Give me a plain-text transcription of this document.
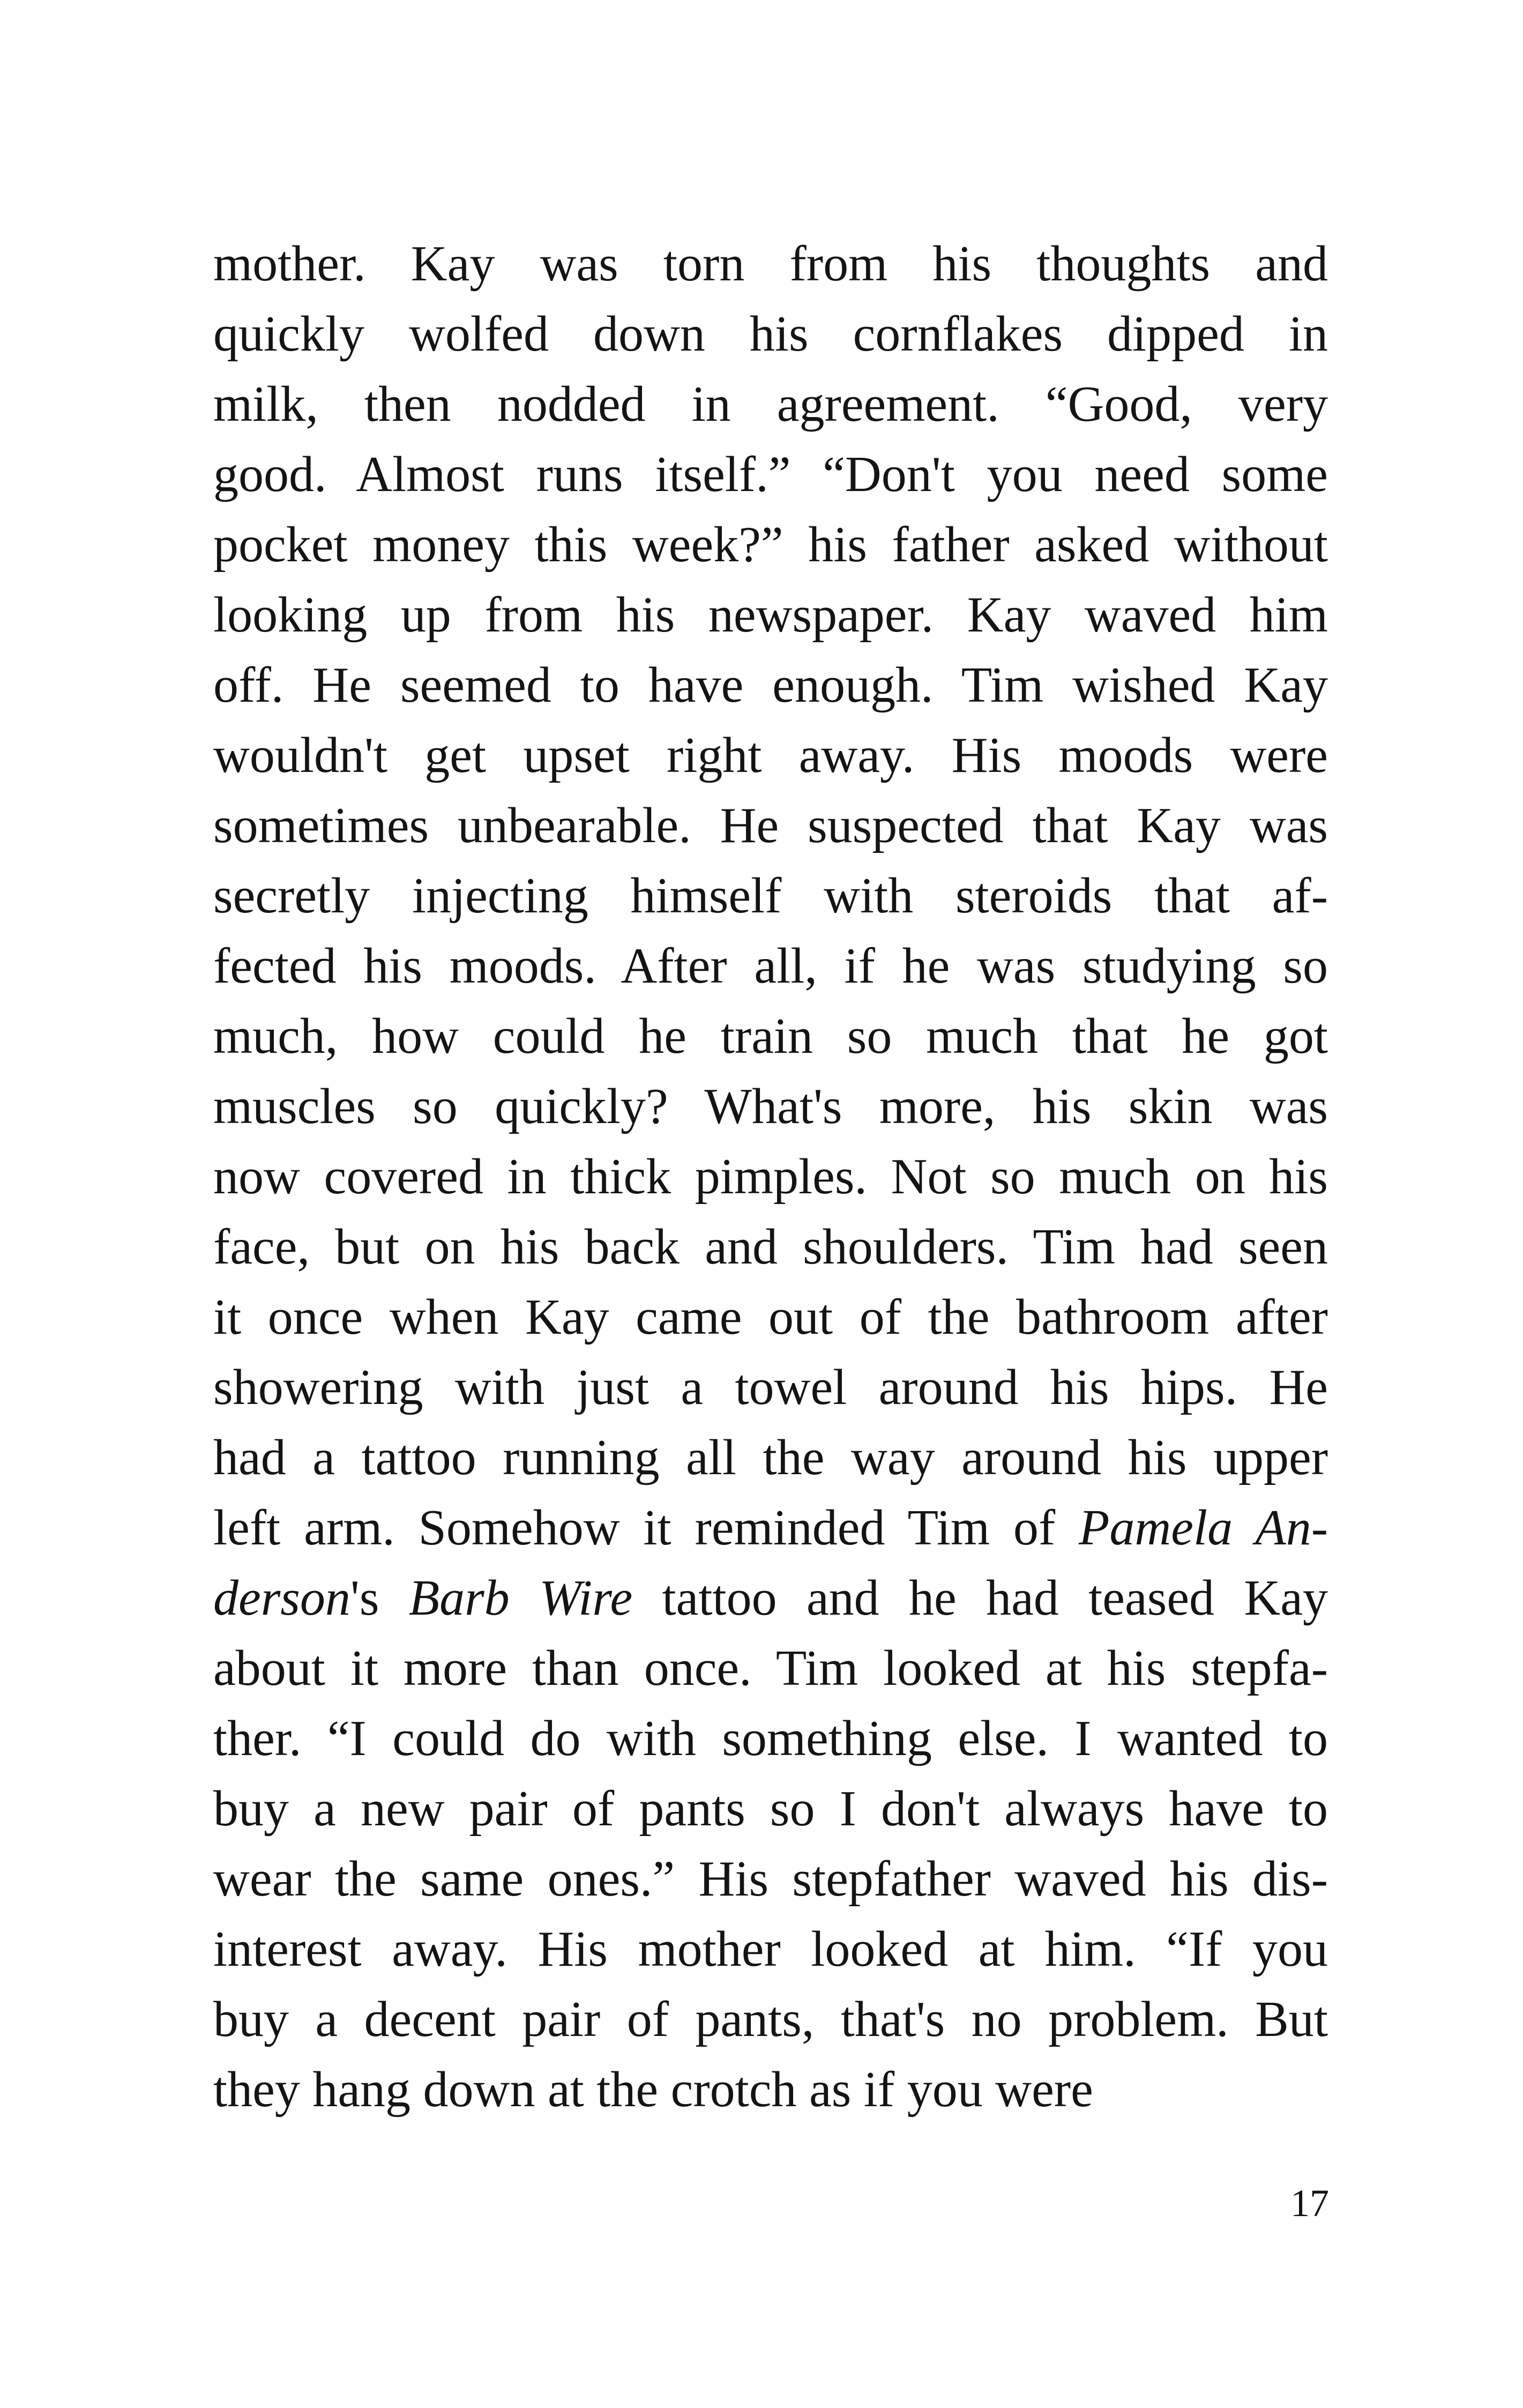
mother. Kay was torn from his thoughts and
quickly wolfed down his cornflakes dipped in
milk, then nodded in agreement. “Good, very
good. Almost runs itself.” “Don't you need some
pocket money this week?” his father asked without
looking up from his newspaper. Kay waved him
off. He seemed to have enough. Tim wished Kay
wouldn't get upset right away. His moods were
sometimes unbearable. He suspected that Kay was
secretly injecting himself with steroids that af-
fected his moods. After all, if he was studying so
much, how could he train so much that he got
muscles so quickly? What's more, his skin was
now covered in thick pimples. Not so much on his
face, but on his back and shoulders. Tim had seen
it once when Kay came out of the bathroom after
showering with just a towel around his hips. He
had a tattoo running all the way around his upper
left arm. Somehow it reminded Tim of Pamela An-
derson's Barb Wire tattoo and he had teased Kay
about it more than once. Tim looked at his stepfa-
ther. “I could do with something else. I wanted to
buy a new pair of pants so I don't always have to
wear the same ones.” His stepfather waved his dis-
interest away. His mother looked at him. “If you
buy a decent pair of pants, that's no problem. But
they hang down at the crotch as if you were
17
